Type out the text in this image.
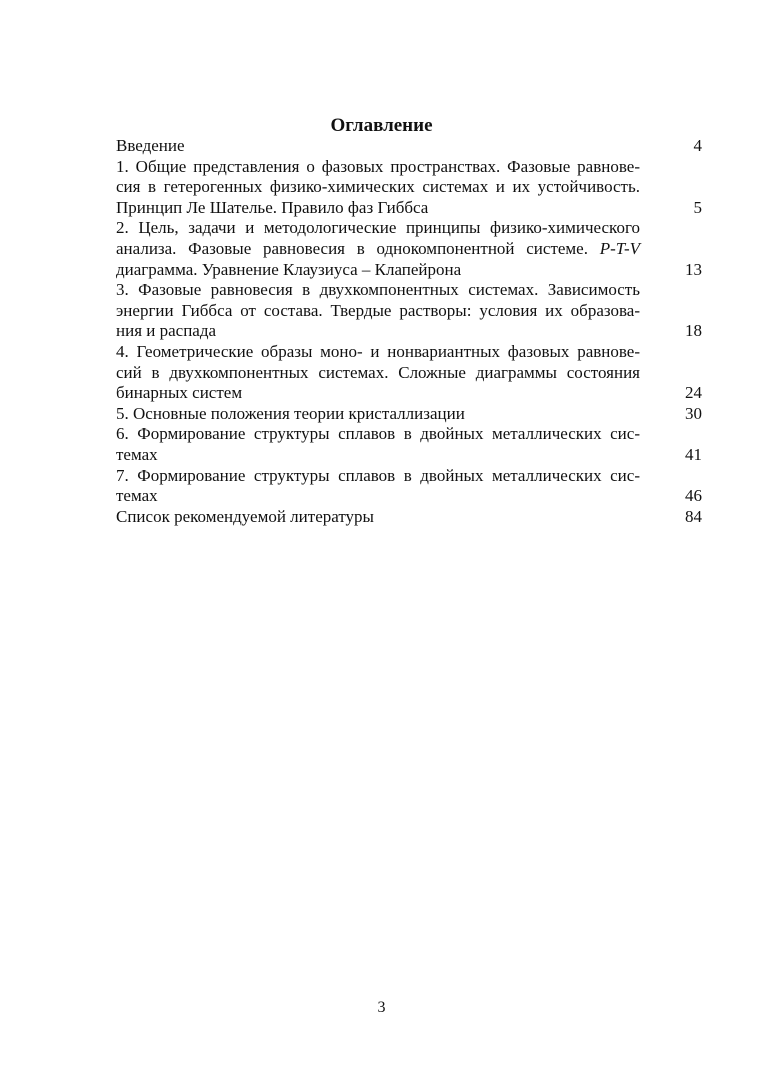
Оглавление
Введение	4
1. Общие представления о фазовых пространствах. Фазовые равнове-
сия в гетерогенных физико-химических системах и их устойчивость.
Принцип Ле Шателье. Правило фаз Гиббса	5
2. Цель, задачи и методологические принципы физико-химического
анализа. Фазовые равновесия в однокомпонентной системе. P-T-V
диаграмма. Уравнение Клаузиуса – Клапейрона	13
3. Фазовые равновесия в двухкомпонентных системах. Зависимость
энергии Гиббса от состава. Твердые растворы: условия их образова-
ния и распада	18
4. Геометрические образы моно- и нонвариантных фазовых равнове-
сий в двухкомпонентных системах. Сложные диаграммы состояния
бинарных систем	24
5. Основные положения теории кристаллизации	30
6. Формирование структуры сплавов в двойных металлических сис-
темах	41
7. Формирование структуры сплавов в двойных металлических сис-
темах	46
Список рекомендуемой литературы	84
3
